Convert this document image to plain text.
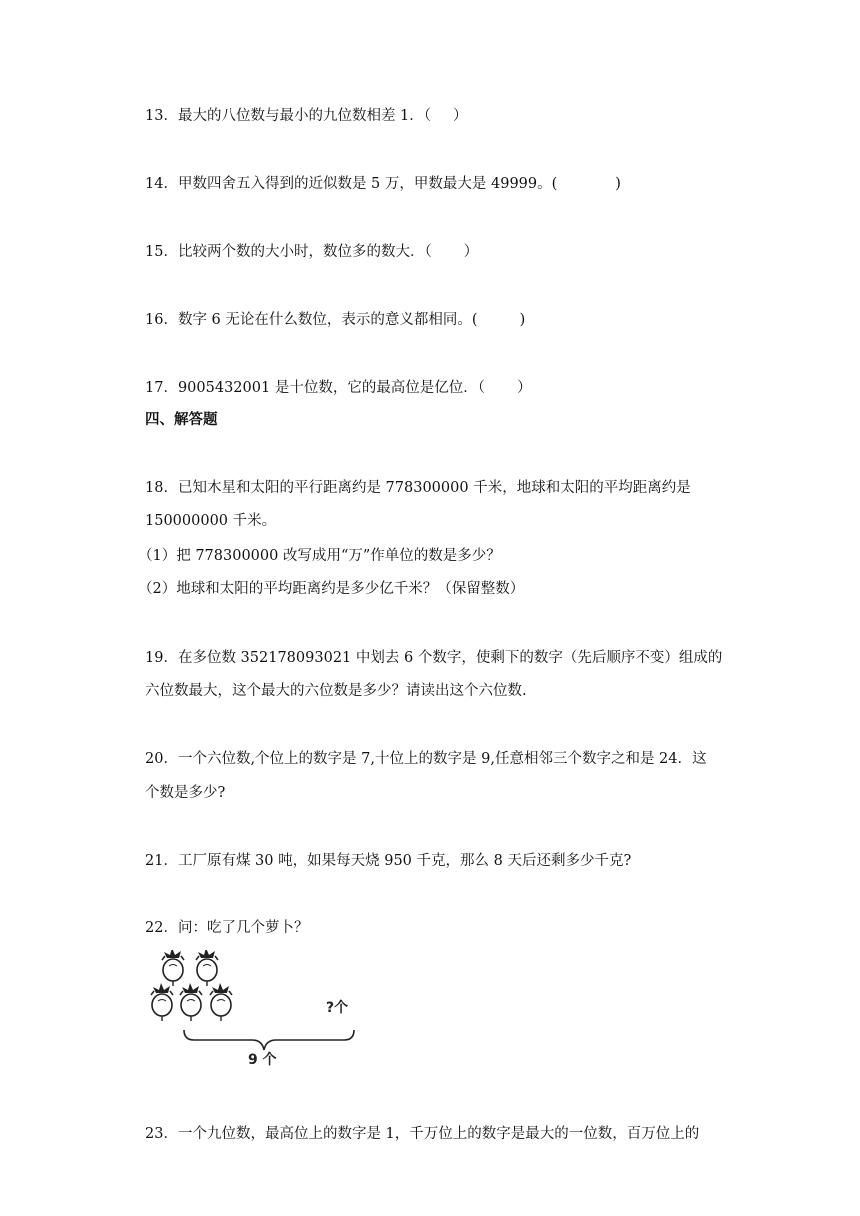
13．最大的八位数与最小的九位数相差 1．（ ）
14．甲数四舍五入得到的近似数是 5 万，甲数最大是 49999。(	)
15．比较两个数的大小时，数位多的数大．（ ）
16．数字 6 无论在什么数位，表示的意义都相同。(	)
17．9005432001 是十位数，它的最高位是亿位．（ ）
四、解答题
18．已知木星和太阳的平行距离约是 778300000 千米，地球和太阳的平均距离约是
150000000 千米。
（1）把 778300000 改写成用“万”作单位的数是多少？
（2）地球和太阳的平均距离约是多少亿千米？（保留整数）
19．在多位数 352178093021 中划去 6 个数字，使剩下的数字（先后顺序不变）组成的
六位数最大，这个最大的六位数是多少？请读出这个六位数.
20．一个六位数,个位上的数字是 7,十位上的数字是 9,任意相邻三个数字之和是 24．这
个数是多少?
21．工厂原有煤 30 吨，如果每天烧 950 千克，那么 8 天后还剩多少千克?
22．问：吃了几个萝卜？
?个
9 个
23．一个九位数，最高位上的数字是 1，千万位上的数字是最大的一位数，百万位上的
